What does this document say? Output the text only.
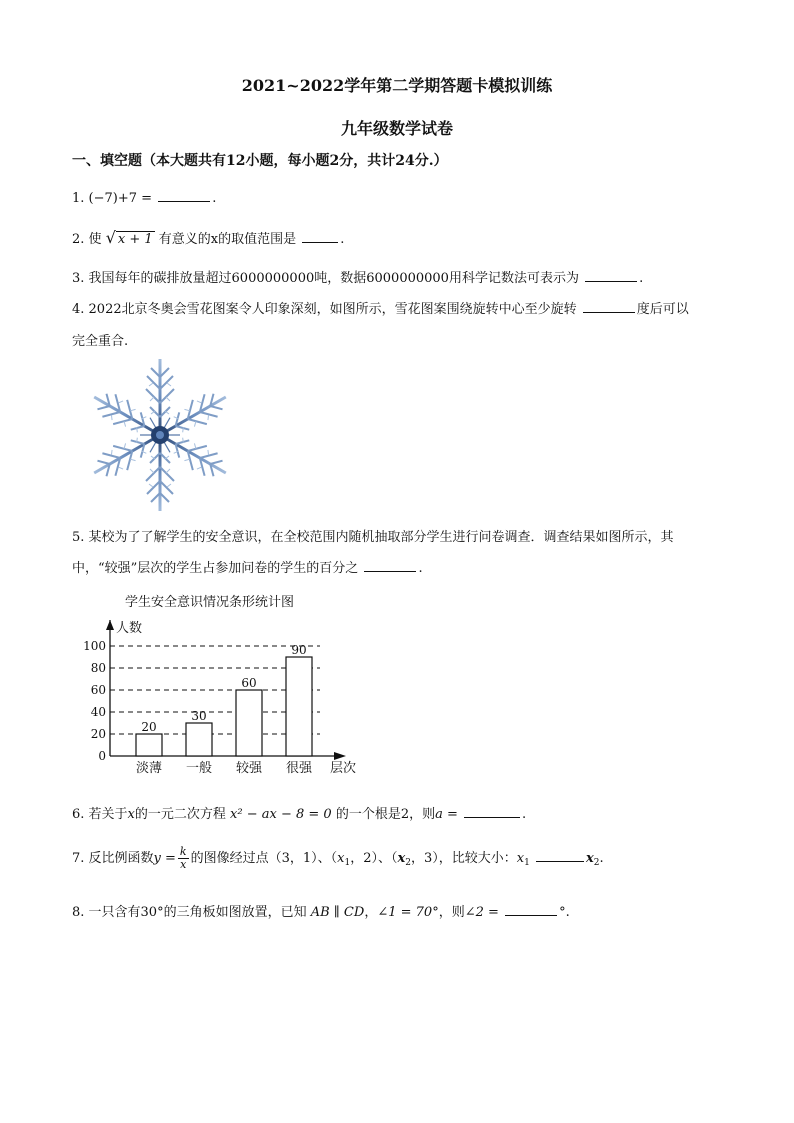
2021~2022学年第二学期答题卡模拟训练
九年级数学试卷
一、填空题（本大题共有12小题，每小题2分，共计24分.）
1. (−7)+7 =	.
2. 使 √ x + 1 有意义的x的取值范围是	.
3. 我国每年的碳排放量超过6000000000吨，数据6000000000用科学记数法可表示为	.
4. 2022北京冬奥会雪花图案令人印象深刻，如图所示，雪花图案围绕旋转中心至少旋转	度后可以
完全重合.
5. 某校为了了解学生的安全意识，在全校范围内随机抽取部分学生进行问卷调查．调查结果如图所示，其
中，“较强”层次的学生占参加问卷的学生的百分之	.
学生安全意识情况条形统计图
0
20
40
60
80
100
人数
层次
20
淡薄
30
一般
60
较强
90
很强
6. 若关于x的一元二次方程 x² − ax − 8 = 0 的一个根是2，则a =	.
7. 反比例函数$y = \frac{k}{x}$ 的图像经过点（3，1）、（$x_1$，2）、（$x_2$，3），比较大小：$x_1$	$x_2$.
8. 一只含有30°的三角板如图放置，已知 AB ∥ CD，∠1 = 70°，则∠2 =	°.
